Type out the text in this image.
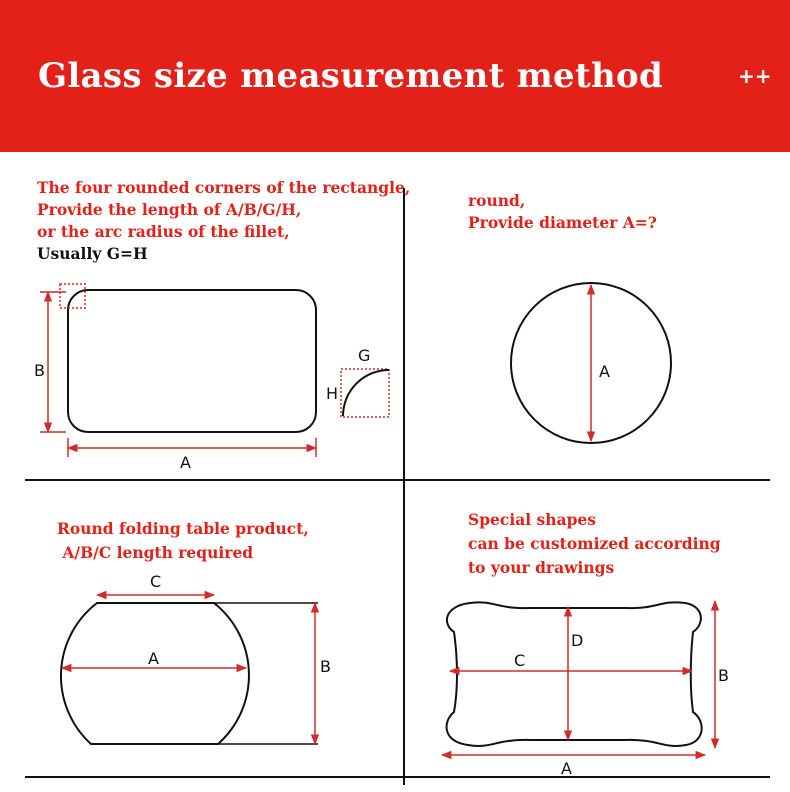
Glass size measurement method	++
The four rounded corners of the rectangle,
Provide the length of A/B/G/H,
or the arc radius of the fillet,
Usually G=H
round,
Provide diameter A=?
Round folding table product,
A/B/C length required
Special shapes
can be customized according
to your drawings
B
A
G
H
A
B
C
A
D
C
B
A
